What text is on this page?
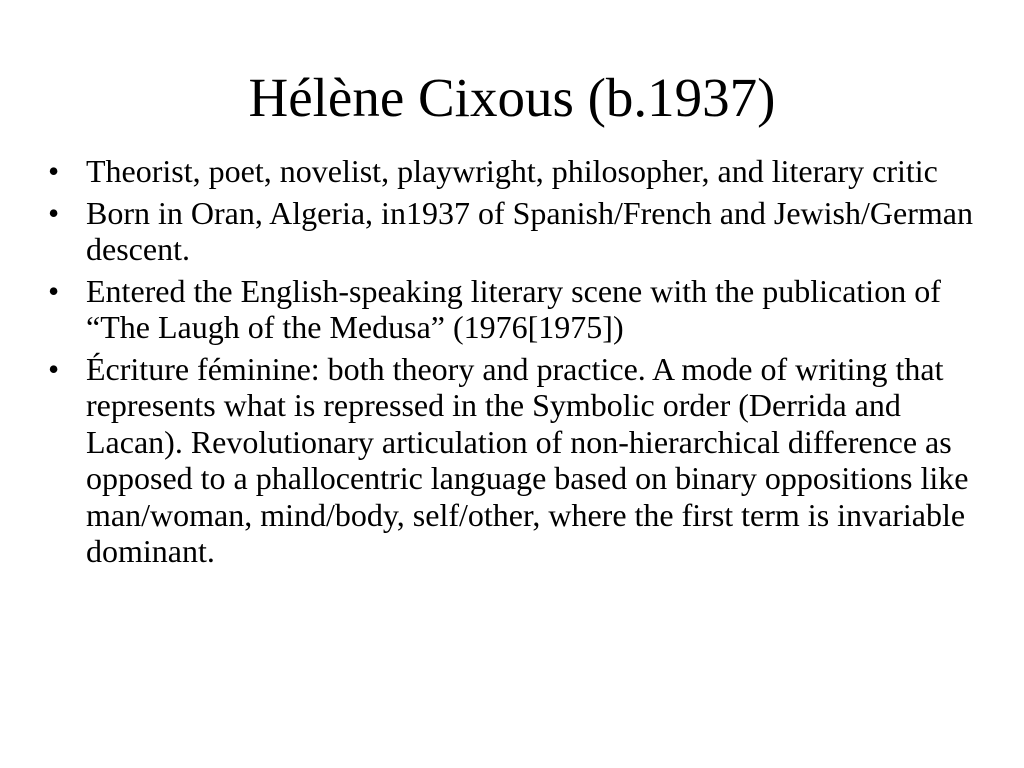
Hélène Cixous (b.1937)
• Theorist, poet, novelist, playwright, philosopher, and literary critic
• Born in Oran, Algeria, in1937 of Spanish/French and Jewish/German descent.
• Entered the English-speaking literary scene with the publication of “The Laugh of the Medusa” (1976[1975])
• Écriture féminine: both theory and practice. A mode of writing that represents what is repressed in the Symbolic order (Derrida and Lacan). Revolutionary articulation of non-hierarchical difference as opposed to a phallocentric language based on binary oppositions like man/woman, mind/body, self/other, where the first term is invariable dominant.
